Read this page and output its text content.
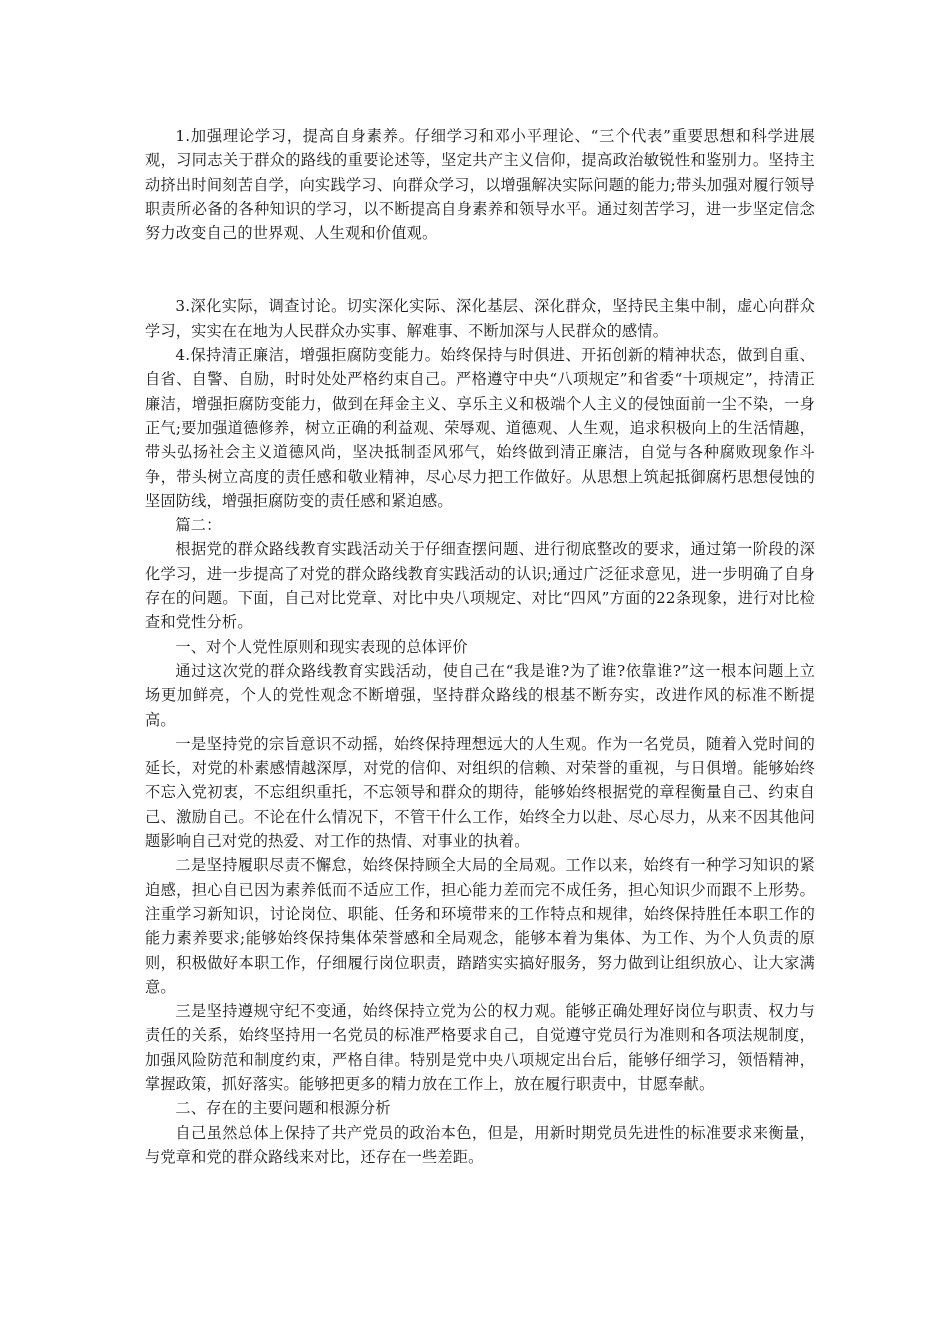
1.加强理论学习，提高自身素养。仔细学习和邓小平理论、“三个代表”重要思想和科学进展观，习同志关于群众的路线的重要论述等，坚定共产主义信仰，提高政治敏锐性和鉴别力。坚持主动挤出时间刻苦自学，向实践学习、向群众学习，以增强解决实际问题的能力;带头加强对履行领导职责所必备的各种知识的学习，以不断提高自身素养和领导水平。通过刻苦学习，进一步坚定信念努力改变自己的世界观、人生观和价值观。

3.深化实际，调查讨论。切实深化实际、深化基层、深化群众，坚持民主集中制，虚心向群众学习，实实在在地为人民群众办实事、解难事、不断加深与人民群众的感情。

4.保持清正廉洁，增强拒腐防变能力。始终保持与时俱进、开拓创新的精神状态，做到自重、自省、自警、自励，时时处处严格约束自己。严格遵守中央“八项规定”和省委“十项规定”，持清正廉洁，增强拒腐防变能力，做到在拜金主义、享乐主义和极端个人主义的侵蚀面前一尘不染，一身正气;要加强道德修养，树立正确的利益观、荣辱观、道德观、人生观，追求积极向上的生活情趣，带头弘扬社会主义道德风尚，坚决抵制歪风邪气，始终做到清正廉洁，自觉与各种腐败现象作斗争，带头树立高度的责任感和敬业精神，尽心尽力把工作做好。从思想上筑起抵御腐朽思想侵蚀的坚固防线，增强拒腐防变的责任感和紧迫感。

篇二：

根据党的群众路线教育实践活动关于仔细查摆问题、进行彻底整改的要求，通过第一阶段的深化学习，进一步提高了对党的群众路线教育实践活动的认识;通过广泛征求意见，进一步明确了自身存在的问题。下面，自己对比党章、对比中央八项规定、对比“四风”方面的22条现象，进行对比检查和党性分析。

一、对个人党性原则和现实表现的总体评价

通过这次党的群众路线教育实践活动，使自己在“我是谁?为了谁?依靠谁?”这一根本问题上立场更加鲜亮，个人的党性观念不断增强，坚持群众路线的根基不断夯实，改进作风的标准不断提高。

一是坚持党的宗旨意识不动摇，始终保持理想远大的人生观。作为一名党员，随着入党时间的延长，对党的朴素感情越深厚，对党的信仰、对组织的信赖、对荣誉的重视，与日俱增。能够始终不忘入党初衷，不忘组织重托，不忘领导和群众的期待，能够始终根据党的章程衡量自己、约束自己、激励自己。不论在什么情况下，不管干什么工作，始终全力以赴、尽心尽力，从来不因其他问题影响自己对党的热爱、对工作的热情、对事业的执着。

二是坚持履职尽责不懈怠，始终保持顾全大局的全局观。工作以来，始终有一种学习知识的紧迫感，担心自已因为素养低而不适应工作，担心能力差而完不成任务，担心知识少而跟不上形势。注重学习新知识，讨论岗位、职能、任务和环境带来的工作特点和规律，始终保持胜任本职工作的能力素养要求;能够始终保持集体荣誉感和全局观念，能够本着为集体、为工作、为个人负责的原则，积极做好本职工作，仔细履行岗位职责，踏踏实实搞好服务，努力做到让组织放心、让大家满意。

三是坚持遵规守纪不变通，始终保持立党为公的权力观。能够正确处理好岗位与职责、权力与责任的关系，始终坚持用一名党员的标准严格要求自己，自觉遵守党员行为准则和各项法规制度，加强风险防范和制度约束，严格自律。特别是党中央八项规定出台后，能够仔细学习，领悟精神，掌握政策，抓好落实。能够把更多的精力放在工作上，放在履行职责中，甘愿奉献。

二、存在的主要问题和根源分析

自己虽然总体上保持了共产党员的政治本色，但是，用新时期党员先进性的标准要求来衡量，与党章和党的群众路线来对比，还存在一些差距。
